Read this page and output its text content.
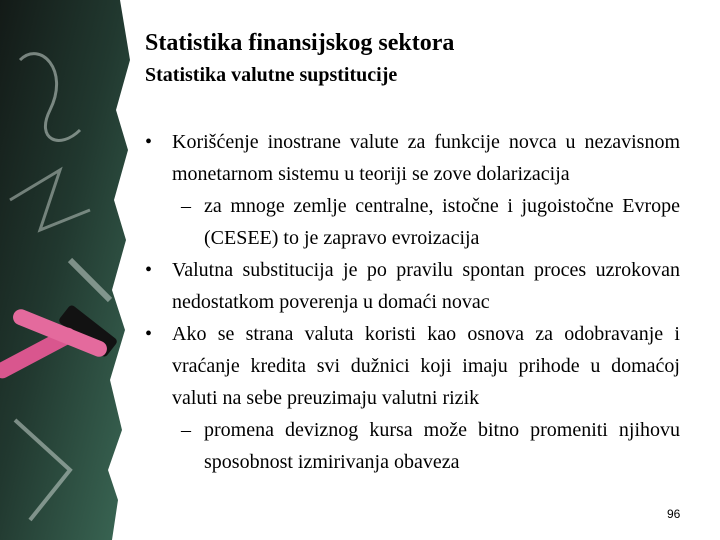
Statistika finansijskog sektora
Statistika valutne supstitucije
• Korišćenje inostrane valute za funkcije novca u nezavisnom monetarnom sistemu u teoriji se zove dolarizacija
– za mnoge zemlje centralne, istočne i jugoistočne Evrope (CESEE) to je zapravo evroizacija
• Valutna substitucija je po pravilu spontan proces uzrokovan nedostatkom poverenja u domaći novac
• Ako se strana valuta koristi kao osnova za odobravanje i vraćanje kredita svi dužnici koji imaju prihode u domaćoj valuti na sebe preuzimaju valutni rizik
– promena deviznog kursa može bitno promeniti njihovu sposobnost izmirivanja obaveza
96
